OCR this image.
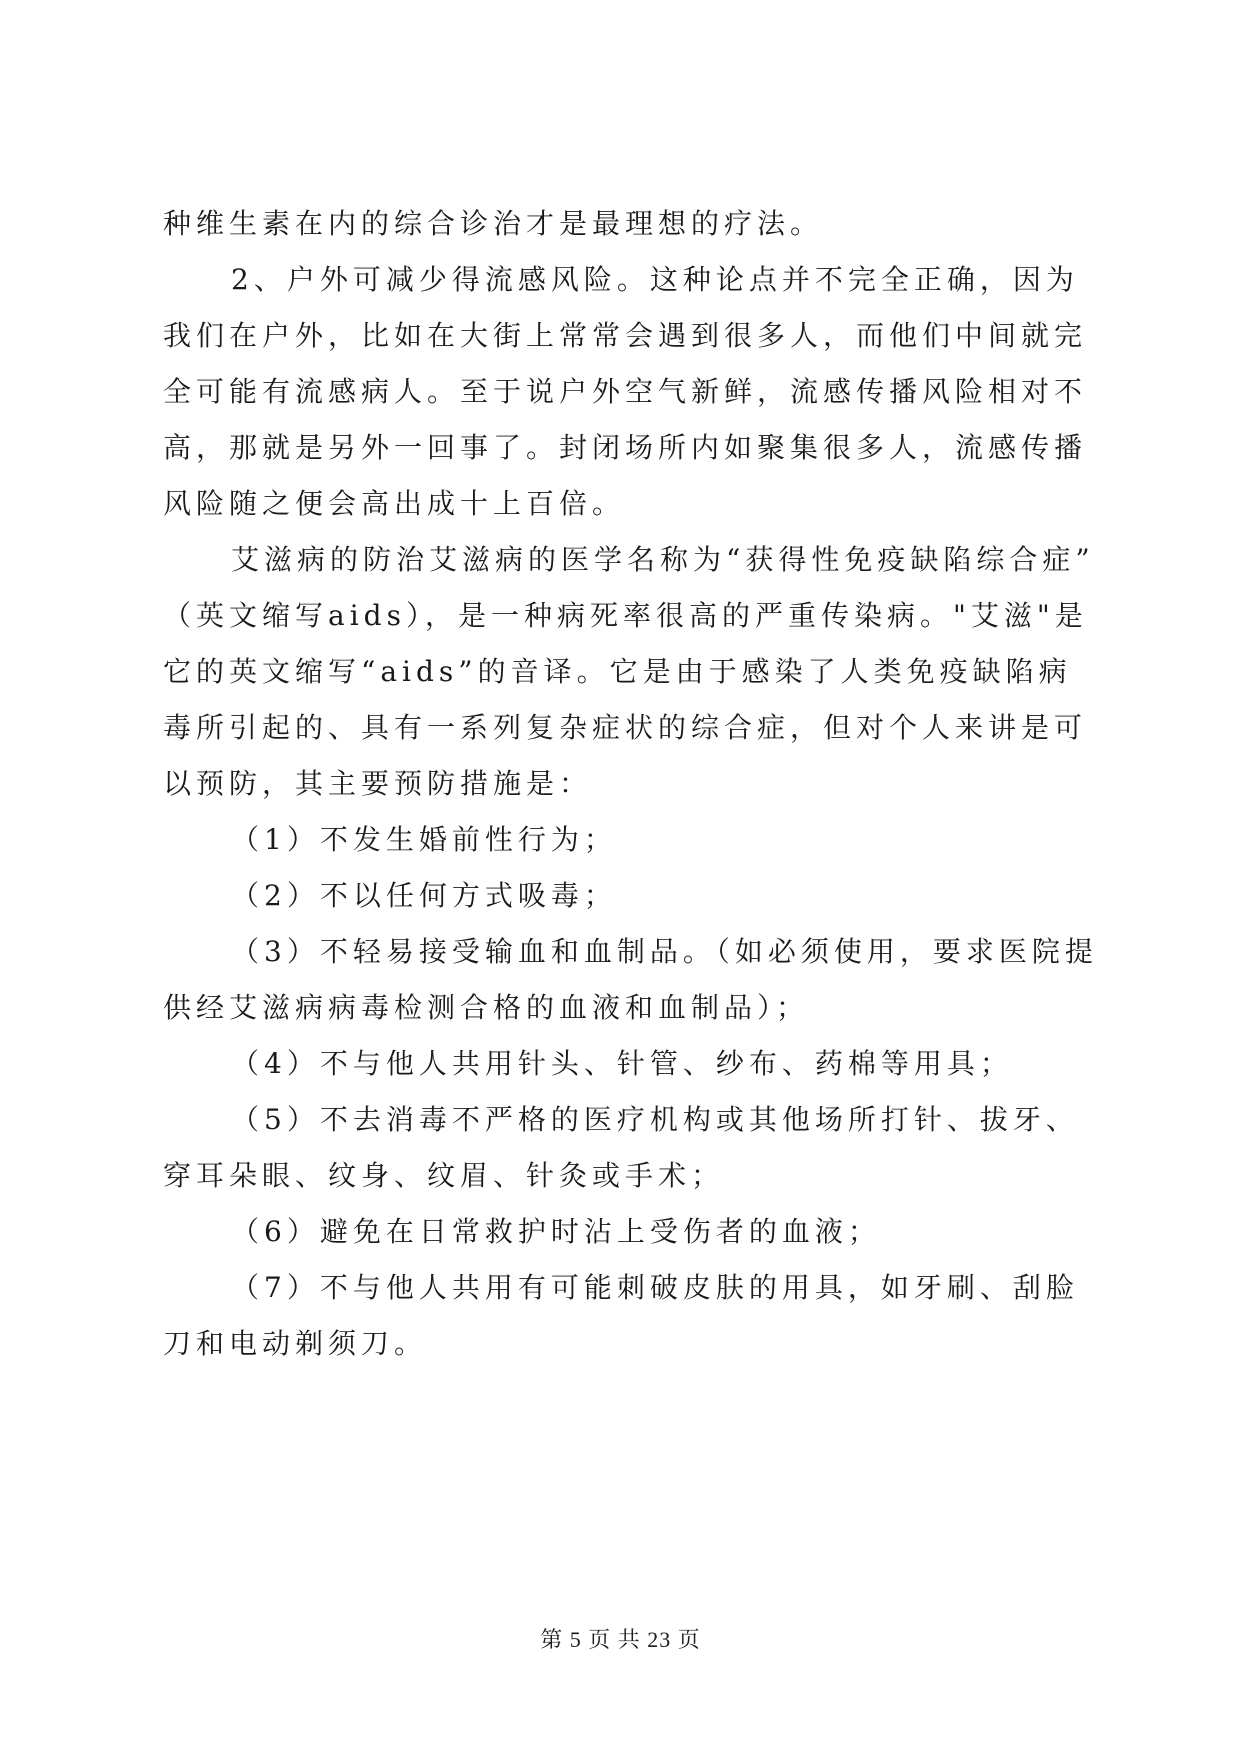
种维生素在内的综合诊治才是最理想的疗法。
2、户外可减少得流感风险。这种论点并不完全正确，因为
我们在户外，比如在大街上常常会遇到很多人，而他们中间就完
全可能有流感病人。至于说户外空气新鲜，流感传播风险相对不
高，那就是另外一回事了。封闭场所内如聚集很多人，流感传播
风险随之便会高出成十上百倍。
艾滋病的防治艾滋病的医学名称为“获得性免疫缺陷综合症”
（英文缩写aids），是一种病死率很高的严重传染病。"艾滋"是
它的英文缩写“aids”的音译。它是由于感染了人类免疫缺陷病
毒所引起的、具有一系列复杂症状的综合症，但对个人来讲是可
以预防，其主要预防措施是：
（1）不发生婚前性行为；
（2）不以任何方式吸毒；
（3）不轻易接受输血和血制品。（如必须使用，要求医院提
供经艾滋病病毒检测合格的血液和血制品）；
（4）不与他人共用针头、针管、纱布、药棉等用具；
（5）不去消毒不严格的医疗机构或其他场所打针、拔牙、
穿耳朵眼、纹身、纹眉、针灸或手术；
（6）避免在日常救护时沾上受伤者的血液；
（7）不与他人共用有可能刺破皮肤的用具，如牙刷、刮脸
刀和电动剃须刀。
第 5 页 共 23 页
